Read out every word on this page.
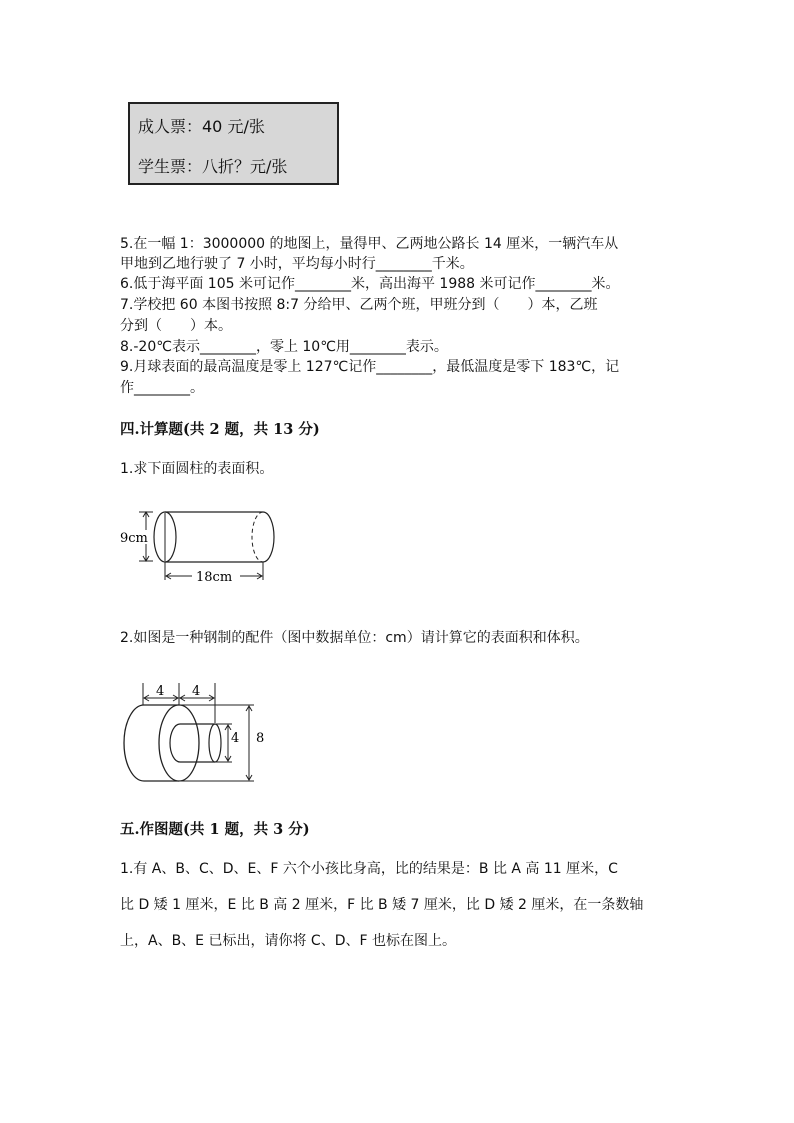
成人票：40 元/张
学生票：八折？元/张
5.在一幅 1：3000000 的地图上，量得甲、乙两地公路长 14 厘米，一辆汽车从
甲地到乙地行驶了 7 小时，平均每小时行________千米。
6.低于海平面 105 米可记作________米，高出海平 1988 米可记作________米。
7.学校把 60 本图书按照 8:7 分给甲、乙两个班，甲班分到（　　）本，乙班
分到（　　）本。
8.-20℃表示________，零上 10℃用________表示。
9.月球表面的最高温度是零上 127℃记作________，最低温度是零下 183℃，记
作________。
四.计算题(共 2 题，共 13 分)
1.求下面圆柱的表面积。
9cm
18cm
2.如图是一种钢制的配件（图中数据单位：cm）请计算它的表面积和体积。
4 4
4 8
五.作图题(共 1 题，共 3 分)
1.有 A、B、C、D、E、F 六个小孩比身高，比的结果是：B 比 A 高 11 厘米，C
比 D 矮 1 厘米，E 比 B 高 2 厘米，F 比 B 矮 7 厘米，比 D 矮 2 厘米，在一条数轴
上，A、B、E 已标出，请你将 C、D、F 也标在图上。
